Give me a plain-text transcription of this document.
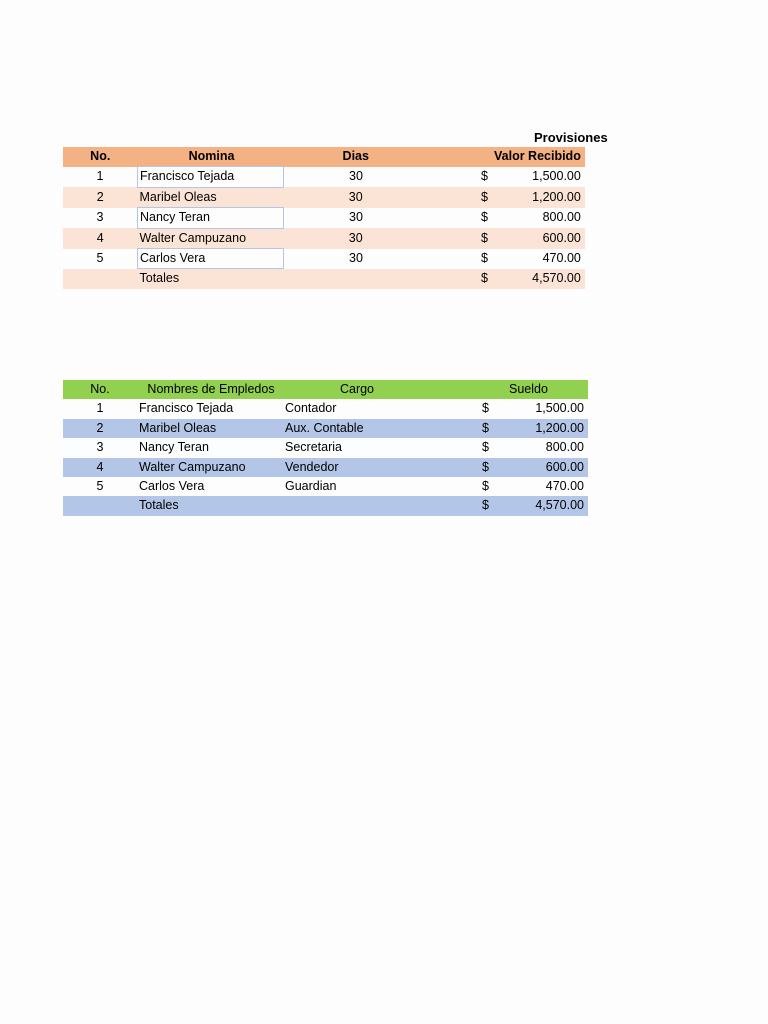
Provisiones
No.	Nomina	Dias		Valor Recibido
1	Francisco Tejada	30	$	1,500.00
2	Maribel Oleas	30	$	1,200.00
3	Nancy Teran	30	$	800.00
4	Walter Campuzano	30	$	600.00
5	Carlos Vera	30	$	470.00
	Totales		$	4,570.00
No.	Nombres de Empledos	Cargo		Sueldo
1	Francisco Tejada	Contador	$	1,500.00
2	Maribel Oleas	Aux. Contable	$	1,200.00
3	Nancy Teran	Secretaria	$	800.00
4	Walter Campuzano	Vendedor	$	600.00
5	Carlos Vera	Guardian	$	470.00
	Totales		$	4,570.00
